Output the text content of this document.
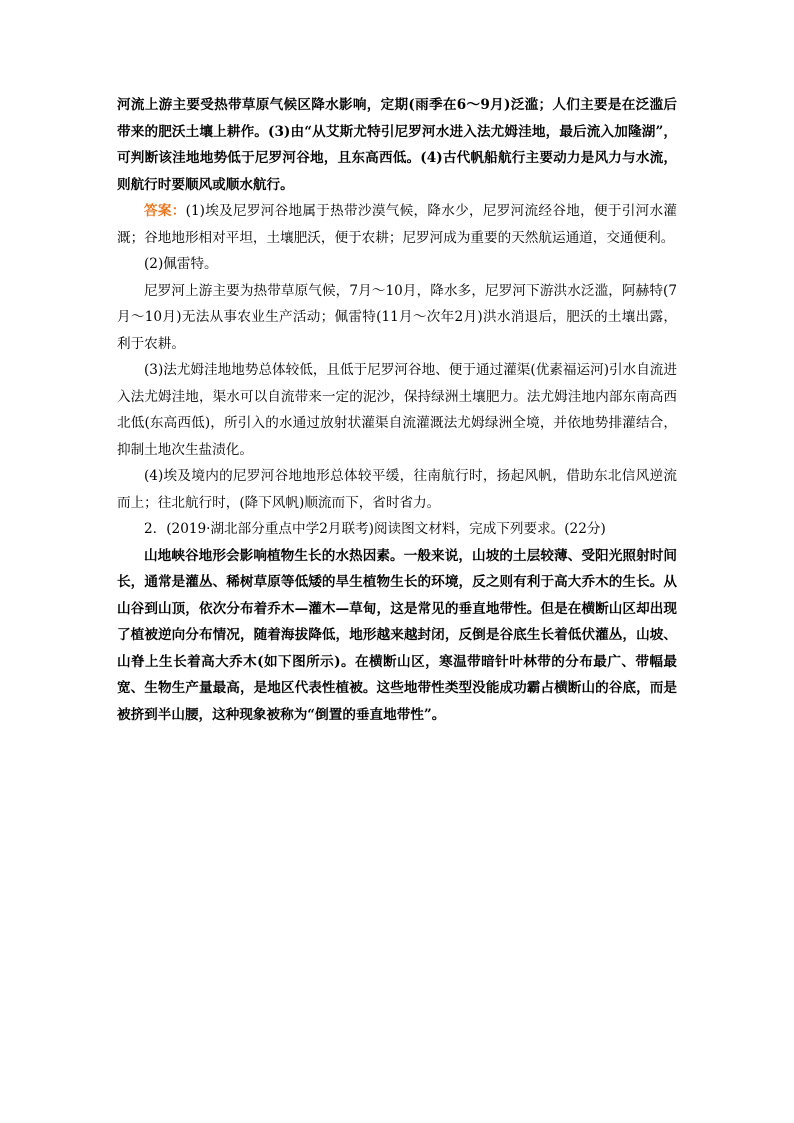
河流上游主要受热带草原气候区降水影响，定期(雨季在6～9月)泛滥；人们主要是在泛滥后带来的肥沃土壤上耕作。(3)由“从艾斯尤特引尼罗河水进入法尤姆洼地，最后流入加隆湖”，可判断该洼地地势低于尼罗河谷地，且东高西低。(4)古代帆船航行主要动力是风力与水流，则航行时要顺风或顺水航行。

答案：(1)埃及尼罗河谷地属于热带沙漠气候，降水少，尼罗河流经谷地，便于引河水灌溉；谷地地形相对平坦，土壤肥沃，便于农耕；尼罗河成为重要的天然航运通道，交通便利。

(2)佩雷特。

尼罗河上游主要为热带草原气候，7月～10月，降水多，尼罗河下游洪水泛滥，阿赫特(7月～10月)无法从事农业生产活动；佩雷特(11月～次年2月)洪水消退后，肥沃的土壤出露，利于农耕。

(3)法尤姆洼地地势总体较低，且低于尼罗河谷地、便于通过灌渠(优素福运河)引水自流进入法尤姆洼地，渠水可以自流带来一定的泥沙，保持绿洲土壤肥力。法尤姆洼地内部东南高西北低(东高西低)，所引入的水通过放射状灌渠自流灌溉法尤姆绿洲全境，并依地势排灌结合，抑制土地次生盐渍化。

(4)埃及境内的尼罗河谷地地形总体较平缓，往南航行时，扬起风帆，借助东北信风逆流而上；往北航行时，(降下风帆)顺流而下，省时省力。

2．(2019·湖北部分重点中学2月联考)阅读图文材料，完成下列要求。(22分)

山地峡谷地形会影响植物生长的水热因素。一般来说，山坡的土层较薄、受阳光照射时间长，通常是灌丛、稀树草原等低矮的旱生植物生长的环境，反之则有利于高大乔木的生长。从山谷到山顶，依次分布着乔木—灌木—草甸，这是常见的垂直地带性。但是在横断山区却出现了植被逆向分布情况，随着海拔降低，地形越来越封闭，反倒是谷底生长着低伏灌丛，山坡、山脊上生长着高大乔木(如下图所示)。在横断山区，寒温带暗针叶林带的分布最广、带幅最宽、生物生产量最高，是地区代表性植被。这些地带性类型没能成功霸占横断山的谷底，而是被挤到半山腰，这种现象被称为“倒置的垂直地带性”。
